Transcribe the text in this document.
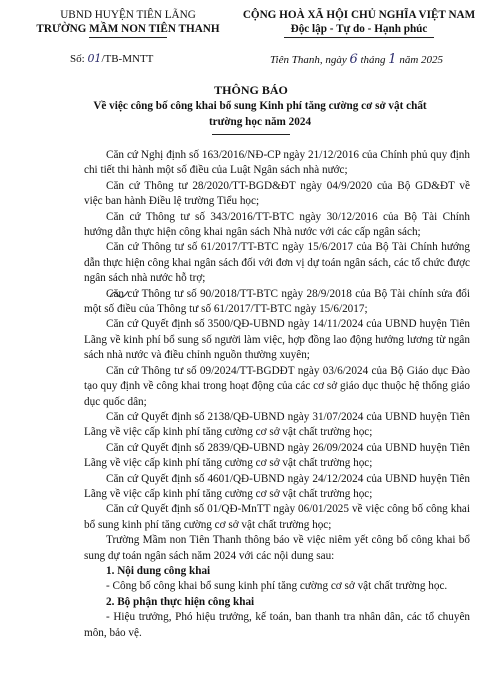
UBND HUYỆN TIÊN LÃNG
TRƯỜNG MẦM NON TIÊN THANH
CỘNG HOÀ XÃ HỘI CHỦ NGHĨA VIỆT NAM
Độc lập - Tự do - Hạnh phúc
Số: 01/TB-MNTT	Tiên Thanh, ngày 6 tháng 1 năm 2025
THÔNG BÁO
Về việc công bố công khai bổ sung Kinh phí tăng cường cơ sở vật chất
trường học năm 2024

Căn cứ Nghị định số 163/2016/NĐ-CP ngày 21/12/2016 của Chính phủ quy định chi tiết thi hành một số điều của Luật Ngân sách nhà nước;

Căn cứ Thông tư 28/2020/TT-BGD&ĐT ngày 04/9/2020 của Bộ GD&ĐT về việc ban hành Điều lệ trường Tiểu học;

Căn cứ Thông tư số 343/2016/TT-BTC ngày 30/12/2016 của Bộ Tài Chính hướng dẫn thực hiện công khai ngân sách Nhà nước với các cấp ngân sách;

Căn cứ Thông tư số 61/2017/TT-BTC ngày 15/6/2017 của Bộ Tài Chính hướng dẫn thực hiện công khai ngân sách đối với đơn vị dự toán ngân sách, các tổ chức được ngân sách nhà nước hỗ trợ;

Căn cứ Thông tư số 90/2018/TT-BTC ngày 28/9/2018 của Bộ Tài chính sửa đổi một số điều của Thông tư số 61/2017/TT-BTC ngày 15/6/2017;

Căn cứ Quyết định số 3500/QĐ-UBND ngày 14/11/2024 của UBND huyện Tiên Lãng về kinh phí bổ sung số người làm việc, hợp đồng lao động hưởng lương từ ngân sách nhà nước và điều chỉnh nguồn thường xuyên;

Căn cứ Thông tư số 09/2024/TT-BGDĐT ngày 03/6/2024 của Bộ Giáo dục Đào tạo quy định về công khai trong hoạt động của các cơ sở giáo dục thuộc hệ thống giáo dục quốc dân;

Căn cứ Quyết định số 2138/QĐ-UBND ngày 31/07/2024 của UBND huyện Tiên Lãng về việc cấp kinh phí tăng cường cơ sở vật chất trường học;

Căn cứ Quyết định số 2839/QĐ-UBND ngày 26/09/2024 của UBND huyện Tiên Lãng về việc cấp kinh phí tăng cường cơ sở vật chất trường học;

Căn cứ Quyết định số 4601/QĐ-UBND ngày 24/12/2024 của UBND huyện Tiên Lãng về việc cấp kinh phí tăng cường cơ sở vật chất trường học;

Căn cứ Quyết định số 01/QĐ-MnTT ngày 06/01/2025 về việc công bố công khai bổ sung kinh phí tăng cường cơ sở vật chất trường học;

Trường Mầm non Tiên Thanh thông báo về việc niêm yết công bố công khai bổ sung dự toán ngân sách năm 2024 với các nội dung sau:

1. Nội dung công khai

- Công bố công khai bổ sung kinh phí tăng cường cơ sở vật chất trường học.

2. Bộ phận thực hiện công khai

- Hiệu trưởng, Phó hiệu trưởng, kế toán, ban thanh tra nhân dân, các tổ chuyên môn, bảo vệ.
